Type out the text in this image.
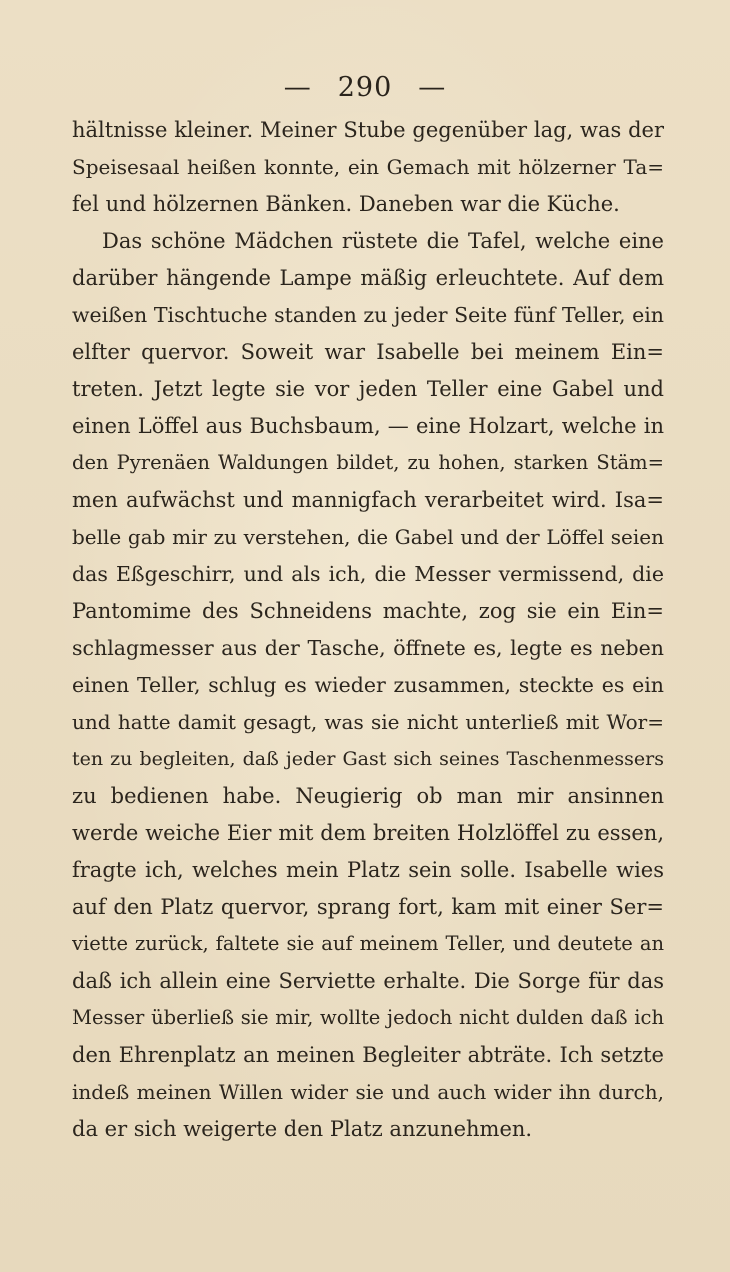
— 290 —
hältnisse kleiner. Meiner Stube gegenüber lag, was der
Speisesaal heißen konnte, ein Gemach mit hölzerner Ta=
fel und hölzernen Bänken. Daneben war die Küche.
Das schöne Mädchen rüstete die Tafel, welche eine
darüber hängende Lampe mäßig erleuchtete. Auf dem
weißen Tischtuche standen zu jeder Seite fünf Teller, ein
elfter quervor. Soweit war Isabelle bei meinem Ein=
treten. Jetzt legte sie vor jeden Teller eine Gabel und
einen Löffel aus Buchsbaum, — eine Holzart, welche in
den Pyrenäen Waldungen bildet, zu hohen, starken Stäm=
men aufwächst und mannigfach verarbeitet wird. Isa=
belle gab mir zu verstehen, die Gabel und der Löffel seien
das Eßgeschirr, und als ich, die Messer vermissend, die
Pantomime des Schneidens machte, zog sie ein Ein=
schlagmesser aus der Tasche, öffnete es, legte es neben
einen Teller, schlug es wieder zusammen, steckte es ein
und hatte damit gesagt, was sie nicht unterließ mit Wor=
ten zu begleiten, daß jeder Gast sich seines Taschenmessers
zu bedienen habe. Neugierig ob man mir ansinnen
werde weiche Eier mit dem breiten Holzlöffel zu essen,
fragte ich, welches mein Platz sein solle. Isabelle wies
auf den Platz quervor, sprang fort, kam mit einer Ser=
viette zurück, faltete sie auf meinem Teller, und deutete an
daß ich allein eine Serviette erhalte. Die Sorge für das
Messer überließ sie mir, wollte jedoch nicht dulden daß ich
den Ehrenplatz an meinen Begleiter abträte. Ich setzte
indeß meinen Willen wider sie und auch wider ihn durch,
da er sich weigerte den Platz anzunehmen.
